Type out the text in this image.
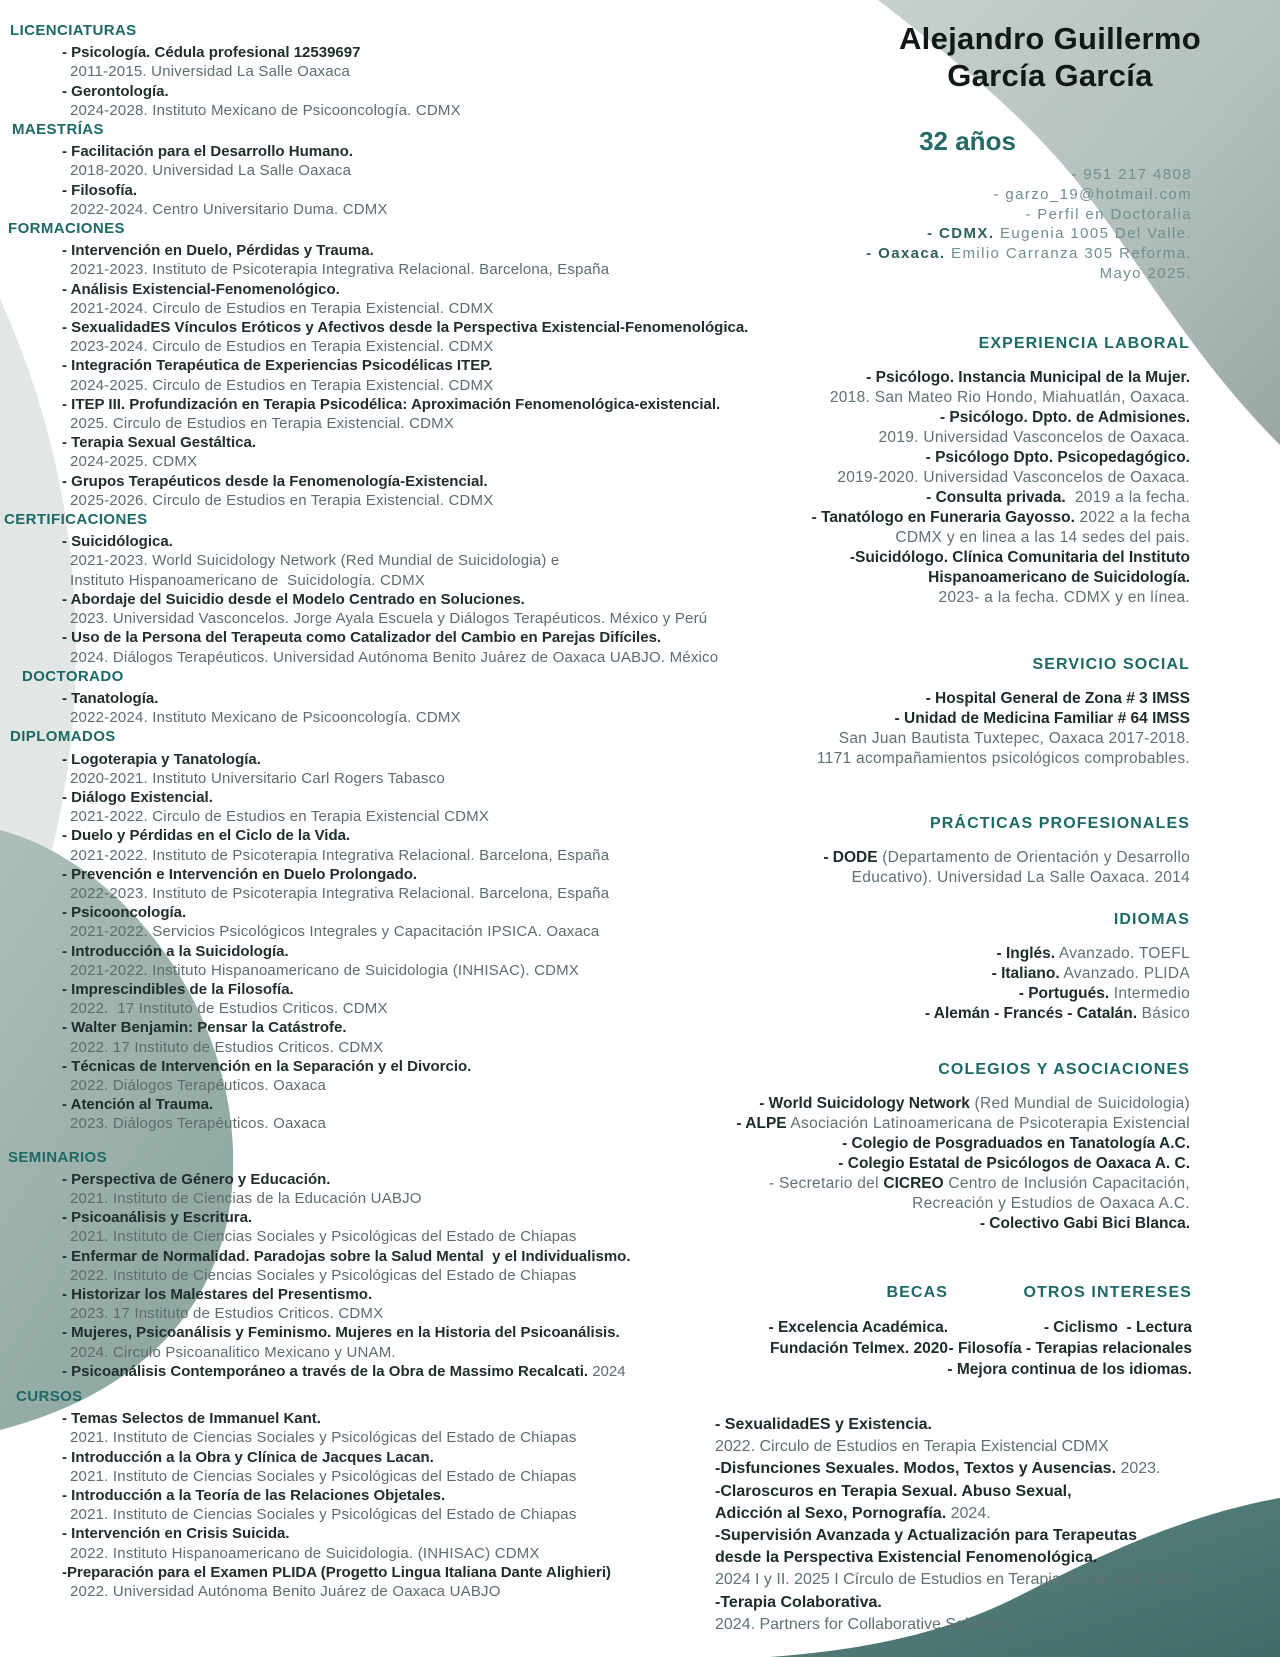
Alejandro Guillermo
García García
32 años
- 951 217 4808
- garzo_19@hotmail.com
- Perfil en Doctoralia
- CDMX. Eugenia 1005 Del Valle.
- Oaxaca. Emilio Carranza 305 Reforma.
Mayo 2025.
LICENCIATURAS
- Psicología. Cédula profesional 12539697
2011-2015. Universidad La Salle Oaxaca
- Gerontología.
2024-2028. Instituto Mexicano de Psicooncología. CDMX
MAESTRÍAS
- Facilitación para el Desarrollo Humano.
2018-2020. Universidad La Salle Oaxaca
- Filosofía.
2022-2024. Centro Universitario Duma. CDMX
FORMACIONES
- Intervención en Duelo, Pérdidas y Trauma.
2021-2023. Instituto de Psicoterapia Integrativa Relacional. Barcelona, España
- Análisis Existencial-Fenomenológico.
2021-2024. Circulo de Estudios en Terapia Existencial. CDMX
- SexualidadES Vínculos Eróticos y Afectivos desde la Perspectiva Existencial-Fenomenológica.
2023-2024. Circulo de Estudios en Terapia Existencial. CDMX
- Integración Terapéutica de Experiencias Psicodélicas ITEP.
2024-2025. Circulo de Estudios en Terapia Existencial. CDMX
- ITEP III. Profundización en Terapia Psicodélica: Aproximación Fenomenológica-existencial.
2025. Circulo de Estudios en Terapia Existencial. CDMX
- Terapia Sexual Gestáltica.
2024-2025. CDMX
- Grupos Terapéuticos desde la Fenomenología-Existencial.
2025-2026. Circulo de Estudios en Terapia Existencial. CDMX
CERTIFICACIONES
- Suicidólogica.
2021-2023. World Suicidology Network (Red Mundial de Suicidologia) e
Instituto Hispanoamericano de  Suicidología. CDMX
- Abordaje del Suicidio desde el Modelo Centrado en Soluciones.
2023. Universidad Vasconcelos. Jorge Ayala Escuela y Diálogos Terapéuticos. México y Perú
- Uso de la Persona del Terapeuta como Catalizador del Cambio en Parejas Difíciles.
2024. Diálogos Terapéuticos. Universidad Autónoma Benito Juárez de Oaxaca UABJO. México
DOCTORADO
- Tanatología.
2022-2024. Instituto Mexicano de Psicooncología. CDMX
DIPLOMADOS
- Logoterapia y Tanatología.
2020-2021. Instituto Universitario Carl Rogers Tabasco
- Diálogo Existencial.
2021-2022. Circulo de Estudios en Terapia Existencial CDMX
- Duelo y Pérdidas en el Ciclo de la Vida.
2021-2022. Instituto de Psicoterapia Integrativa Relacional. Barcelona, España
- Prevención e Intervención en Duelo Prolongado.
2022-2023. Instituto de Psicoterapia Integrativa Relacional. Barcelona, España
- Psicooncología.
2021-2022. Servicios Psicológicos Integrales y Capacitación IPSICA. Oaxaca
- Introducción a la Suicidología.
2021-2022. Instituto Hispanoamericano de Suicidologia (INHISAC). CDMX
- Imprescindibles de la Filosofía.
2022.  17 Instituto de Estudios Criticos. CDMX
- Walter Benjamin: Pensar la Catástrofe.
2022. 17 Instituto de Estudios Criticos. CDMX
- Técnicas de Intervención en la Separación y el Divorcio.
2022. Diálogos Terapéuticos. Oaxaca
- Atención al Trauma.
2023. Diálogos Terapéuticos. Oaxaca
SEMINARIOS
- Perspectiva de Género y Educación.
2021. Instituto de Ciencias de la Educación UABJO
- Psicoanálisis y Escritura.
2021. Instituto de Ciencias Sociales y Psicológicas del Estado de Chiapas
- Enfermar de Normalidad. Paradojas sobre la Salud Mental  y el Individualismo.
2022. Instituto de Ciencias Sociales y Psicológicas del Estado de Chiapas
- Historizar los Malestares del Presentismo.
2023. 17 Instituto de Estudios Criticos. CDMX
- Mujeres, Psicoanálisis y Feminismo. Mujeres en la Historia del Psicoanálisis.
2024. Circulo Psicoanalitico Mexicano y UNAM.
- Psicoanálisis Contemporáneo a través de la Obra de Massimo Recalcati. 2024
CURSOS
- Temas Selectos de Immanuel Kant.
2021. Instituto de Ciencias Sociales y Psicológicas del Estado de Chiapas
- Introducción a la Obra y Clínica de Jacques Lacan.
2021. Instituto de Ciencias Sociales y Psicológicas del Estado de Chiapas
- Introducción a la Teoría de las Relaciones Objetales.
2021. Instituto de Ciencias Sociales y Psicológicas del Estado de Chiapas
- Intervención en Crisis Suicida.
2022. Instituto Hispanoamericano de Suicidologia. (INHISAC) CDMX
-Preparación para el Examen PLIDA (Progetto Lingua Italiana Dante Alighieri)
2022. Universidad Autónoma Benito Juárez de Oaxaca UABJO
EXPERIENCIA LABORAL
- Psicólogo. Instancia Municipal de la Mujer.
2018. San Mateo Rio Hondo, Miahuatlán, Oaxaca.
- Psicólogo. Dpto. de Admisiones.
2019. Universidad Vasconcelos de Oaxaca.
- Psicólogo Dpto. Psicopedagógico.
2019-2020. Universidad Vasconcelos de Oaxaca.
- Consulta privada.  2019 a la fecha.
- Tanatólogo en Funeraria Gayosso. 2022 a la fecha
CDMX y en linea a las 14 sedes del pais.
-Suicidólogo. Clínica Comunitaria del Instituto
Hispanoamericano de Suicidología.
2023- a la fecha. CDMX y en línea.
SERVICIO SOCIAL
- Hospital General de Zona # 3 IMSS
- Unidad de Medicina Familiar # 64 IMSS
San Juan Bautista Tuxtepec, Oaxaca 2017-2018.
1171 acompañamientos psicológicos comprobables.
PRÁCTICAS PROFESIONALES
- DODE (Departamento de Orientación y Desarrollo
Educativo). Universidad La Salle Oaxaca. 2014
IDIOMAS
- Inglés. Avanzado. TOEFL
- Italiano. Avanzado. PLIDA
- Portugués. Intermedio
- Alemán - Francés - Catalán. Básico
COLEGIOS Y ASOCIACIONES
- World Suicidology Network (Red Mundial de Suicidologia)
- ALPE Asociación Latinoamericana de Psicoterapia Existencial
- Colegio de Posgraduados en Tanatología A.C.
- Colegio Estatal de Psicólogos de Oaxaca A. C.
- Secretario del CICREO Centro de Inclusión Capacitación,
Recreación y Estudios de Oaxaca A.C.
- Colectivo Gabi Bici Blanca.
BECAS
- Excelencia Académica.
Fundación Telmex. 2020
OTROS INTERESES
- Ciclismo  - Lectura
- Filosofía - Terapias relacionales
- Mejora continua de los idiomas.
- SexualidadES y Existencia.
2022. Circulo de Estudios en Terapia Existencial CDMX
-Disfunciones Sexuales. Modos, Textos y Ausencias. 2023.
-Claroscuros en Terapia Sexual. Abuso Sexual,
Adicción al Sexo, Pornografía. 2024.
-Supervisión Avanzada y Actualización para Terapeutas
desde la Perspectiva Existencial Fenomenológica.
2024 I y II. 2025 I Círculo de Estudios en Terapia Existencial CDMX
-Terapia Colaborativa.
2024. Partners for Collaborative Solutions
